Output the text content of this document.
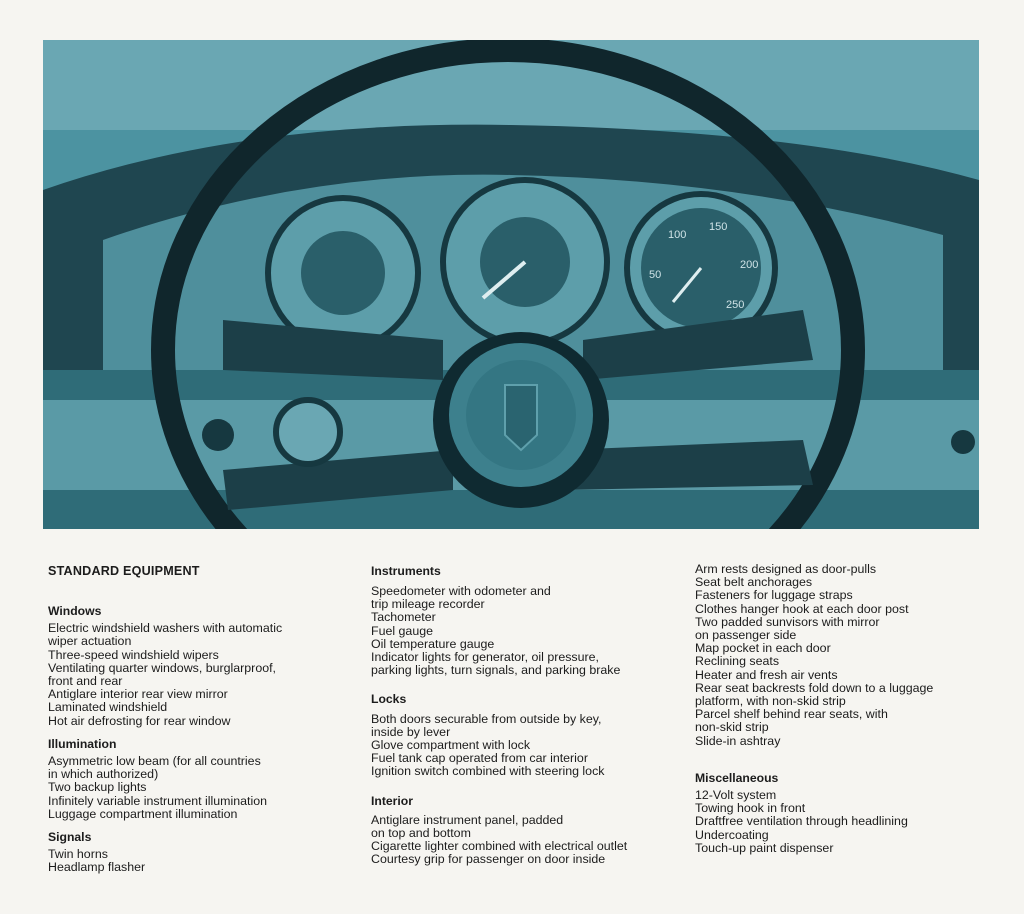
100
150
200
250
50
STANDARD EQUIPMENT
Windows
Electric windshield washers with automatic
wiper actuation
Three-speed windshield wipers
Ventilating quarter windows, burglarproof,
front and rear
Antiglare interior rear view mirror
Laminated windshield
Hot air defrosting for rear window
Illumination
Asymmetric low beam (for all countries
in which authorized)
Two backup lights
Infinitely variable instrument illumination
Luggage compartment illumination
Signals
Twin horns
Headlamp flasher
Instruments
Speedometer with odometer and
trip mileage recorder
Tachometer
Fuel gauge
Oil temperature gauge
Indicator lights for generator, oil pressure,
parking lights, turn signals, and parking brake
Locks
Both doors securable from outside by key,
inside by lever
Glove compartment with lock
Fuel tank cap operated from car interior
Ignition switch combined with steering lock
Interior
Antiglare instrument panel, padded
on top and bottom
Cigarette lighter combined with electrical outlet
Courtesy grip for passenger on door inside
Arm rests designed as door-pulls
Seat belt anchorages
Fasteners for luggage straps
Clothes hanger hook at each door post
Two padded sunvisors with mirror
on passenger side
Map pocket in each door
Reclining seats
Heater and fresh air vents
Rear seat backrests fold down to a luggage
platform, with non-skid strip
Parcel shelf behind rear seats, with
non-skid strip
Slide-in ashtray
Miscellaneous
12-Volt system
Towing hook in front
Draftfree ventilation through headlining
Undercoating
Touch-up paint dispenser
